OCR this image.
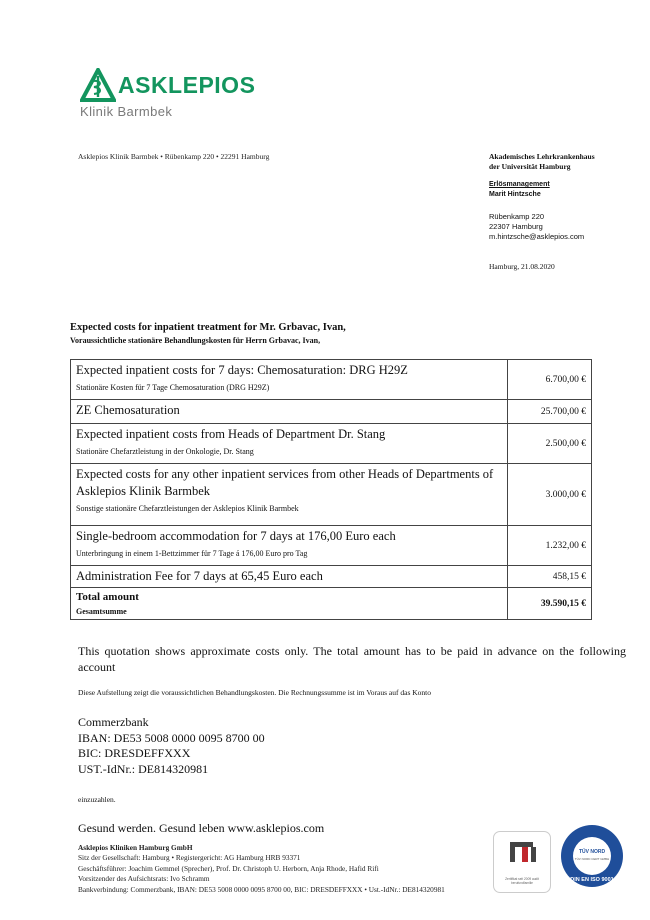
ASKLEPIOS
Klinik Barmbek
Asklepios Klinik Barmbek • Rübenkamp 220 • 22291 Hamburg	Akademisches Lehrkrankenhaus
der Universität Hamburg
Erlösmanagement
Marit Hintzsche
Rübenkamp 220
22307 Hamburg
m.hintzsche@asklepios.com
Hamburg, 21.08.2020
Expected costs for inpatient treatment for Mr. Grbavac, Ivan,
Voraussichtliche stationäre Behandlungskosten für Herrn Grbavac, Ivan,
Expected inpatient costs for 7 days: Chemosaturation: DRG H29Z
Stationäre Kosten für 7 Tage Chemosaturation (DRG H29Z)	6.700,00 €

ZE Chemosaturation	25.700,00 €

Expected inpatient costs from Heads of Department Dr. Stang
Stationäre Chefarztleistung in der Onkologie, Dr. Stang	2.500,00 €

Expected costs for any other inpatient services from other Heads of Departments of Asklepios Klinik Barmbek
Sonstige stationäre Chefarztleistungen der Asklepios Klinik Barmbek	3.000,00 €

Single-bedroom accommodation for 7 days at 176,00 Euro each
Unterbringung in einem 1-Bettzimmer für 7 Tage á 176,00 Euro pro Tag	1.232,00 €

Administration Fee for 7 days at 65,45 Euro each	458,15 €

Total amount
Gesamtsumme	39.590,15 €
This quotation shows approximate costs only. The total amount has to be paid in advance on the following account
Diese Aufstellung zeigt die voraussichtlichen Behandlungskosten. Die Rechnungssumme ist im Voraus auf das Konto
Commerzbank
IBAN: DE53 5008 0000 0095 8700 00
BIC: DRESDEFFXXX
UST.-IdNr.: DE814320981
einzuzahlen.
Gesund werden. Gesund leben www.asklepios.com
Asklepios Kliniken Hamburg GmbH
Sitz der Gesellschaft: Hamburg • Registergericht: AG Hamburg HRB 93371
Geschäftsführer: Joachim Gemmel (Sprecher), Prof. Dr. Christoph U. Herborn, Anja Rhode, Hafid Rifi
Vorsitzender des Aufsichtsrats: Ivo Schramm
Bankverbindung: Commerzbank, IBAN: DE53 5008 0000 0095 8700 00, BIC: DRESDEFFXXX • Ust.-IdNr.: DE814320981
Zertifikat seit 2009 audit berufundfamilie
TÜV NORD
TÜV NORD CERT GMBH
DIN EN ISO 9001
